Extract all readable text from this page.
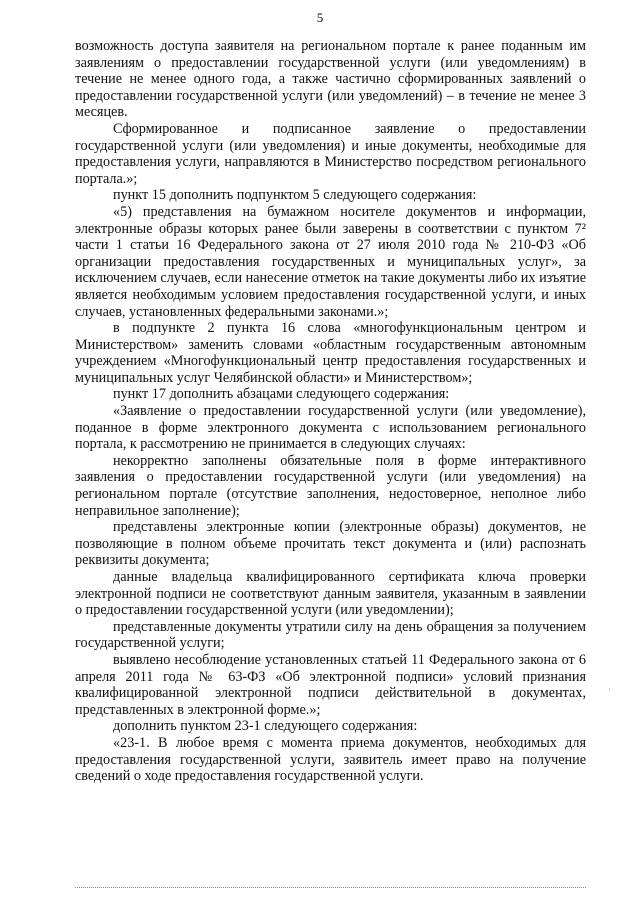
5

возможность доступа заявителя на региональном портале к ранее поданным им заявлениям о предоставлении государственной услуги (или уведомлениям) в течение не менее одного года, а также частично сформированных заявлений о предоставлении государственной услуги (или уведомлений) – в течение не менее 3 месяцев.

Сформированное и подписанное заявление о предоставлении государственной услуги (или уведомления) и иные документы, необходимые для предоставления услуги, направляются в Министерство посредством регионального портала.»;

пункт 15 дополнить подпунктом 5 следующего содержания:

«5) представления на бумажном носителе документов и информации, электронные образы которых ранее были заверены в соответствии с пунктом 7² части 1 статьи 16 Федерального закона от 27 июля 2010 года № 210-ФЗ «Об организации предоставления государственных и муниципальных услуг», за исключением случаев, если нанесение отметок на такие документы либо их изъятие является необходимым условием предоставления государственной услуги, и иных случаев, установленных федеральными законами.»;

в подпункте 2 пункта 16 слова «многофункциональным центром и Министерством» заменить словами «областным государственным автономным учреждением «Многофункциональный центр предоставления государственных и муниципальных услуг Челябинской области» и Министерством»;

пункт 17 дополнить абзацами следующего содержания:

«Заявление о предоставлении государственной услуги (или уведомление), поданное в форме электронного документа с использованием регионального портала, к рассмотрению не принимается в следующих случаях:

некорректно заполнены обязательные поля в форме интерактивного заявления о предоставлении государственной услуги (или уведомления) на региональном портале (отсутствие заполнения, недостоверное, неполное либо неправильное заполнение);

представлены электронные копии (электронные образы) документов, не позволяющие в полном объеме прочитать текст документа и (или) распознать реквизиты документа;

данные владельца квалифицированного сертификата ключа проверки электронной подписи не соответствуют данным заявителя, указанным в заявлении о предоставлении государственной услуги (или уведомлении);

представленные документы утратили силу на день обращения за получением государственной услуги;

выявлено несоблюдение установленных статьей 11 Федерального закона от 6 апреля 2011 года № 63-ФЗ «Об электронной подписи» условий признания квалифицированной электронной подписи действительной в документах, представленных в электронной форме.»;

дополнить пунктом 23-1 следующего содержания:

«23-1. В любое время с момента приема документов, необходимых для предоставления государственной услуги, заявитель имеет право на получение сведений о ходе предоставления государственной услуги.

·
